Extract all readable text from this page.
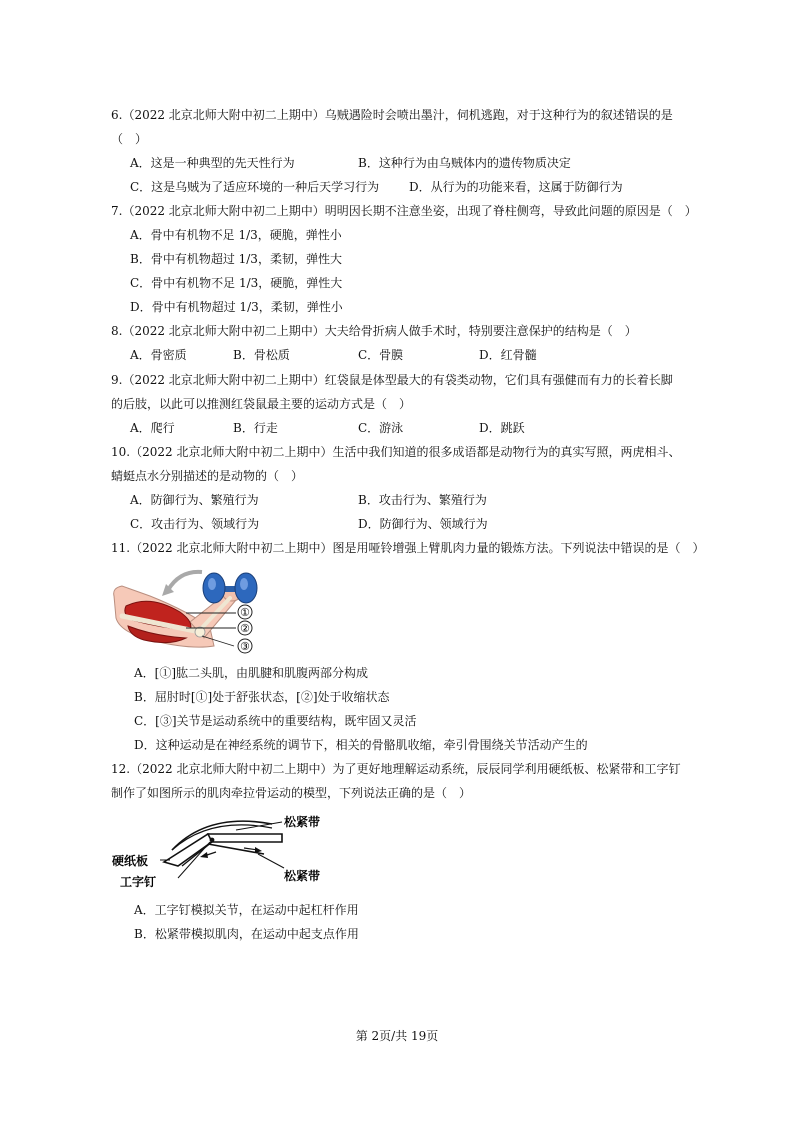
6.（2022 北京北师大附中初二上期中）乌贼遇险时会喷出墨汁，伺机逃跑，对于这种行为的叙述错误的是
（　）
A．这是一种典型的先天性行为	B．这种行为由乌贼体内的遗传物质决定
C．这是乌贼为了适应环境的一种后天学习行为 D．从行为的功能来看，这属于防御行为
7.（2022 北京北师大附中初二上期中）明明因长期不注意坐姿，出现了脊柱侧弯，导致此问题的原因是（　）
A．骨中有机物不足 1/3，硬脆，弹性小
B．骨中有机物超过 1/3，柔韧，弹性大
C．骨中有机物不足 1/3，硬脆，弹性大
D．骨中有机物超过 1/3，柔韧，弹性小
8.（2022 北京北师大附中初二上期中）大夫给骨折病人做手术时，特别要注意保护的结构是（　）
A．骨密质	B．骨松质	C．骨膜	D．红骨髓
9.（2022 北京北师大附中初二上期中）红袋鼠是体型最大的有袋类动物，它们具有强健而有力的长着长脚
的后肢，以此可以推测红袋鼠最主要的运动方式是（　）
A．爬行	B．行走	C．游泳	D．跳跃
10.（2022 北京北师大附中初二上期中）生活中我们知道的很多成语都是动物行为的真实写照，两虎相斗、
蜻蜓点水分别描述的是动物的（　）
A．防御行为、繁殖行为	B．攻击行为、繁殖行为
C．攻击行为、领域行为	D．防御行为、领域行为
11.（2022 北京北师大附中初二上期中）图是用哑铃增强上臂肌肉力量的锻炼方法。下列说法中错误的是（　）
①
②
③
A．[①]肱二头肌，由肌腱和肌腹两部分构成
B．屈肘时[①]处于舒张状态，[②]处于收缩状态
C．[③]关节是运动系统中的重要结构，既牢固又灵活
D．这种运动是在神经系统的调节下，相关的骨骼肌收缩，牵引骨围绕关节活动产生的
12.（2022 北京北师大附中初二上期中）为了更好地理解运动系统，辰辰同学利用硬纸板、松紧带和工字钉
制作了如图所示的肌肉牵拉骨运动的模型，下列说法正确的是（　）
松紧带
硬纸板
工字钉	松紧带
A．工字钉模拟关节，在运动中起杠杆作用
B．松紧带模拟肌肉，在运动中起支点作用
第 2页/共 19页
